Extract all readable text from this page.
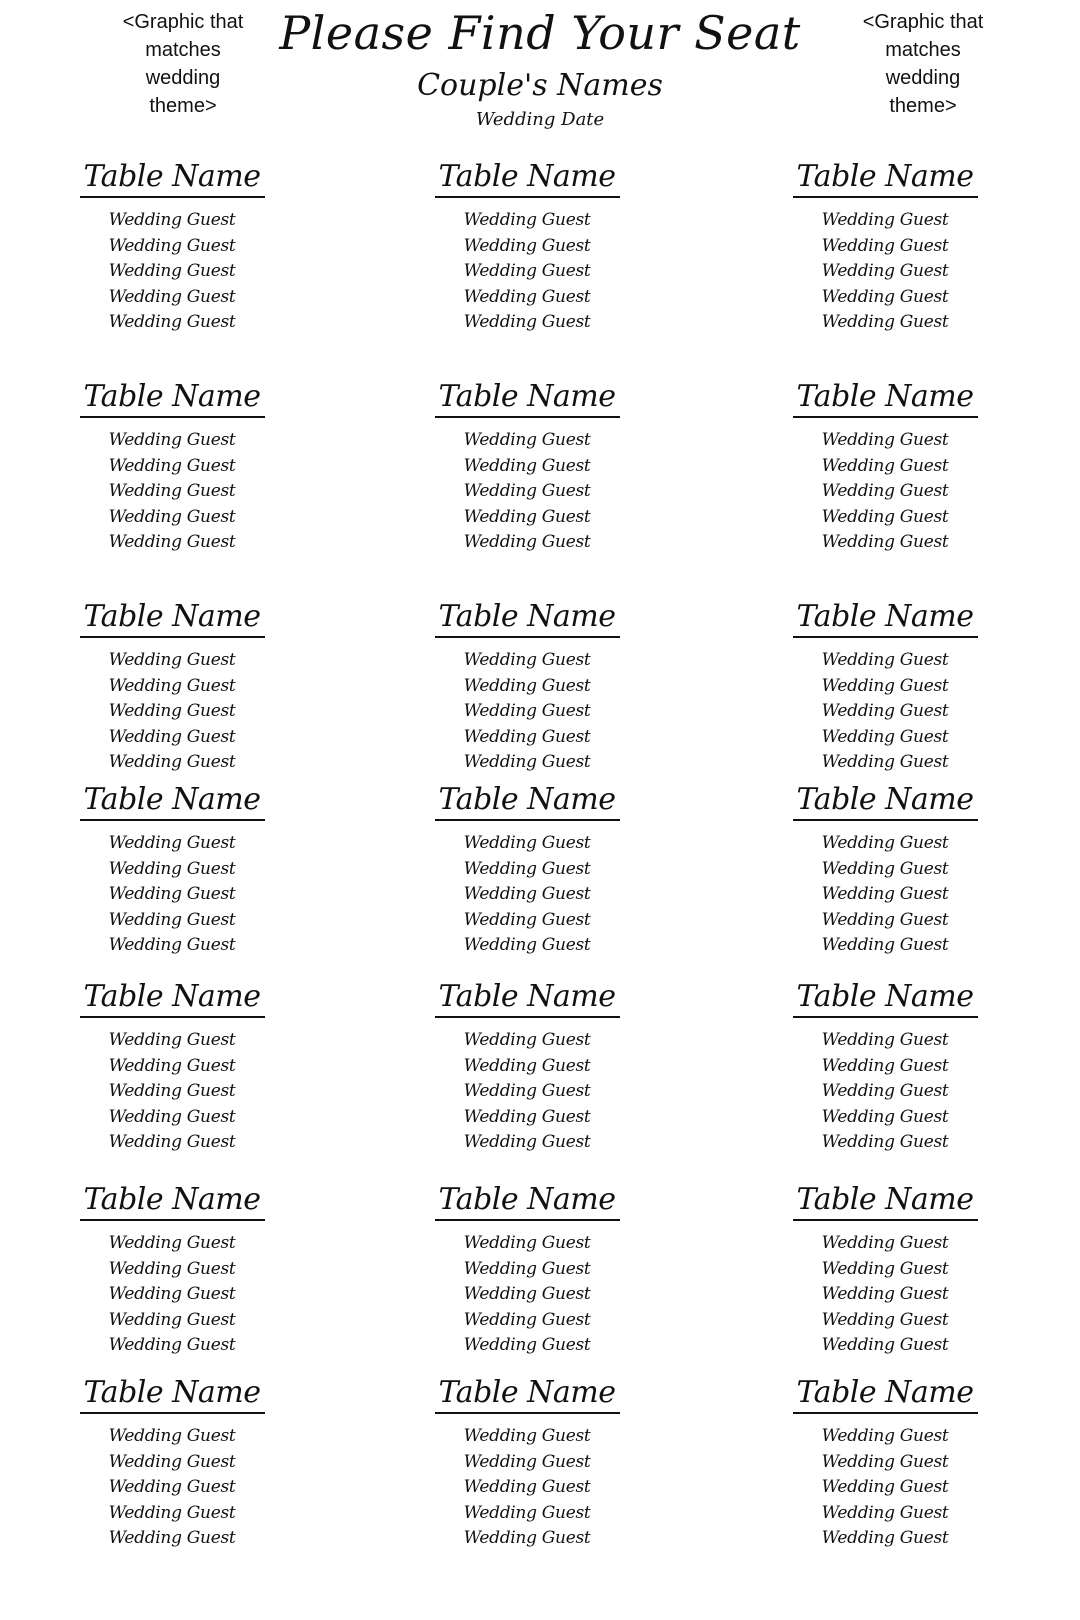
<Graphic that
matches
wedding
theme>
Please Find Your Seat
Couple's Names
Wedding Date
<Graphic that
matches
wedding
theme>
Table Name
Wedding Guest
Wedding Guest
Wedding Guest
Wedding Guest
Wedding Guest
Table Name
Wedding Guest
Wedding Guest
Wedding Guest
Wedding Guest
Wedding Guest
Table Name
Wedding Guest
Wedding Guest
Wedding Guest
Wedding Guest
Wedding Guest
Table Name
Wedding Guest
Wedding Guest
Wedding Guest
Wedding Guest
Wedding Guest
Table Name
Wedding Guest
Wedding Guest
Wedding Guest
Wedding Guest
Wedding Guest
Table Name
Wedding Guest
Wedding Guest
Wedding Guest
Wedding Guest
Wedding Guest
Table Name
Wedding Guest
Wedding Guest
Wedding Guest
Wedding Guest
Wedding Guest
Table Name
Wedding Guest
Wedding Guest
Wedding Guest
Wedding Guest
Wedding Guest
Table Name
Wedding Guest
Wedding Guest
Wedding Guest
Wedding Guest
Wedding Guest
Table Name
Wedding Guest
Wedding Guest
Wedding Guest
Wedding Guest
Wedding Guest
Table Name
Wedding Guest
Wedding Guest
Wedding Guest
Wedding Guest
Wedding Guest
Table Name
Wedding Guest
Wedding Guest
Wedding Guest
Wedding Guest
Wedding Guest
Table Name
Wedding Guest
Wedding Guest
Wedding Guest
Wedding Guest
Wedding Guest
Table Name
Wedding Guest
Wedding Guest
Wedding Guest
Wedding Guest
Wedding Guest
Table Name
Wedding Guest
Wedding Guest
Wedding Guest
Wedding Guest
Wedding Guest
Table Name
Wedding Guest
Wedding Guest
Wedding Guest
Wedding Guest
Wedding Guest
Table Name
Wedding Guest
Wedding Guest
Wedding Guest
Wedding Guest
Wedding Guest
Table Name
Wedding Guest
Wedding Guest
Wedding Guest
Wedding Guest
Wedding Guest
Table Name
Wedding Guest
Wedding Guest
Wedding Guest
Wedding Guest
Wedding Guest
Table Name
Wedding Guest
Wedding Guest
Wedding Guest
Wedding Guest
Wedding Guest
Table Name
Wedding Guest
Wedding Guest
Wedding Guest
Wedding Guest
Wedding Guest
